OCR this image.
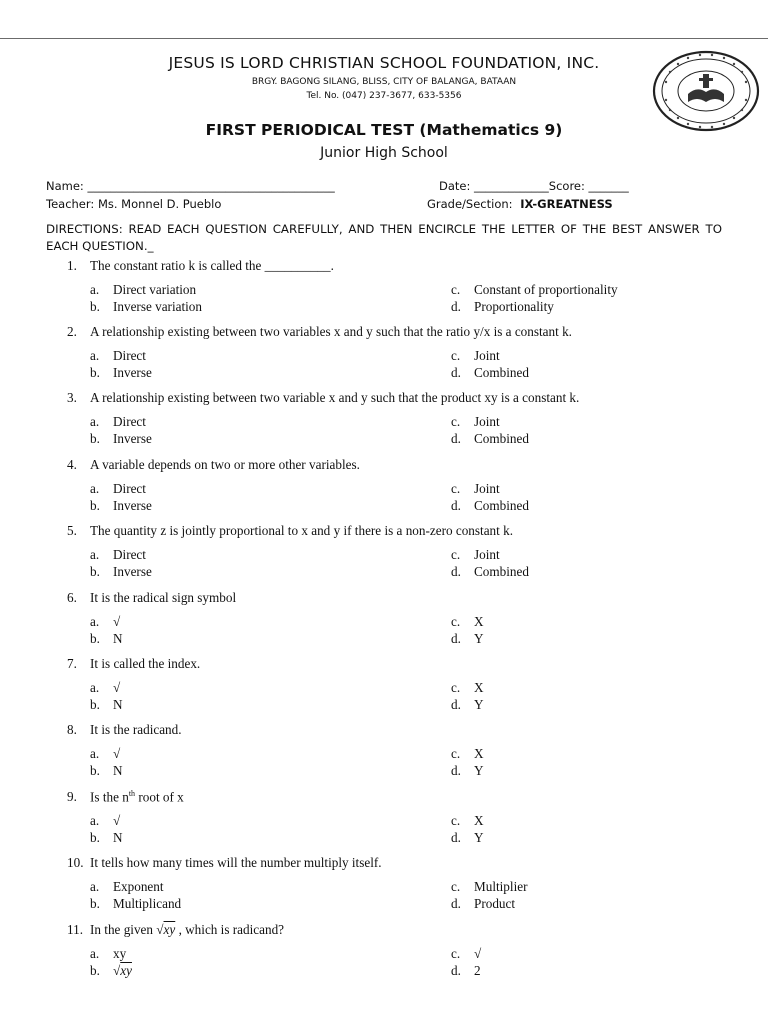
JESUS IS LORD CHRISTIAN SCHOOL FOUNDATION, INC.
BRGY. BAGONG SILANG, BLISS, CITY OF BALANGA, BATAAN
Tel. No. (047) 237-3677, 633-5356
FIRST PERIODICAL TEST (Mathematics 9)
Junior High School
Name: ___________________________________________	Date: _____________Score: _______
Teacher: Ms. Monnel D. Pueblo	Grade/Section: IX-GREATNESS
DIRECTIONS: READ EACH QUESTION CAREFULLY, AND THEN ENCIRCLE THE LETTER OF THE BEST ANSWER TO EACH QUESTION._
1. The constant ratio k is called the __________.
a. Direct variation
b. Inverse variation
c. Constant of proportionality
d. Proportionality
2. A relationship existing between two variables x and y such that the ratio y/x is a constant k.
a. Direct
b. Inverse
c. Joint
d. Combined
3. A relationship existing between two variable x and y such that the product xy is a constant k.
a. Direct
b. Inverse
c. Joint
d. Combined
4. A variable depends on two or more other variables.
a. Direct
b. Inverse
c. Joint
d. Combined
5. The quantity z is jointly proportional to x and y if there is a non-zero constant k.
a. Direct
b. Inverse
c. Joint
d. Combined
6. It is the radical sign symbol
a. √
b. N
c. X
d. Y
7. It is called the index.
a. √
b. N
c. X
d. Y
8. It is the radicand.
a. √
b. N
c. X
d. Y
9. Is the $n^{th}$ root of x
a. √
b. N
c. X
d. Y
10. It tells how many times will the number multiply itself.
a. Exponent
b. Multiplicand
c. Multiplier
d. Product
11. In the given √xy , which is radicand?
a. xy
b. √xy
c. √
d. 2
